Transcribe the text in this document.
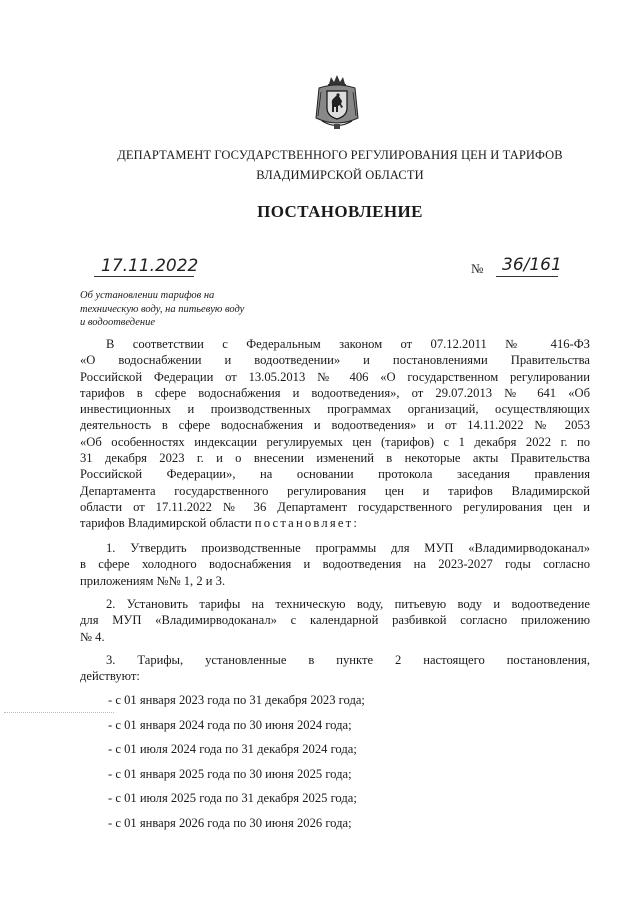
ДЕПАРТАМЕНТ ГОСУДАРСТВЕННОГО РЕГУЛИРОВАНИЯ ЦЕН И ТАРИФОВ
ВЛАДИМИРСКОЙ ОБЛАСТИ
ПОСТАНОВЛЕНИЕ
17.11.2022	№ 36/161
Об установлении тарифов на
техническую воду, на питьевую воду
и водоотведение
В соответствии с Федеральным законом от 07.12.2011 № 416-ФЗ
«О водоснабжении и водоотведении» и постановлениями Правительства
Российской Федерации от 13.05.2013 № 406 «О государственном регулировании
тарифов в сфере водоснабжения и водоотведения», от 29.07.2013 № 641 «Об
инвестиционных и производственных программах организаций, осуществляющих
деятельность в сфере водоснабжения и водоотведения» и от 14.11.2022 № 2053
«Об особенностях индексации регулируемых цен (тарифов) с 1 декабря 2022 г. по
31 декабря 2023 г. и о внесении изменений в некоторые акты Правительства
Российской Федерации», на основании протокола заседания правления
Департамента государственного регулирования цен и тарифов Владимирской
области от 17.11.2022 № 36 Департамент государственного регулирования цен и
тарифов Владимирской области постановляет:
1. Утвердить производственные программы для МУП «Владимирводоканал»
в сфере холодного водоснабжения и водоотведения на 2023-2027 годы согласно
приложениям №№ 1, 2 и 3.
2. Установить тарифы на техническую воду, питьевую воду и водоотведение
для МУП «Владимирводоканал» с календарной разбивкой согласно приложению
№ 4.
3. Тарифы, установленные в пункте 2 настоящего постановления,
действуют:
- с 01 января 2023 года по 31 декабря 2023 года;
- с 01 января 2024 года по 30 июня 2024 года;
- с 01 июля 2024 года по 31 декабря 2024 года;
- с 01 января 2025 года по 30 июня 2025 года;
- с 01 июля 2025 года по 31 декабря 2025 года;
- с 01 января 2026 года по 30 июня 2026 года;
